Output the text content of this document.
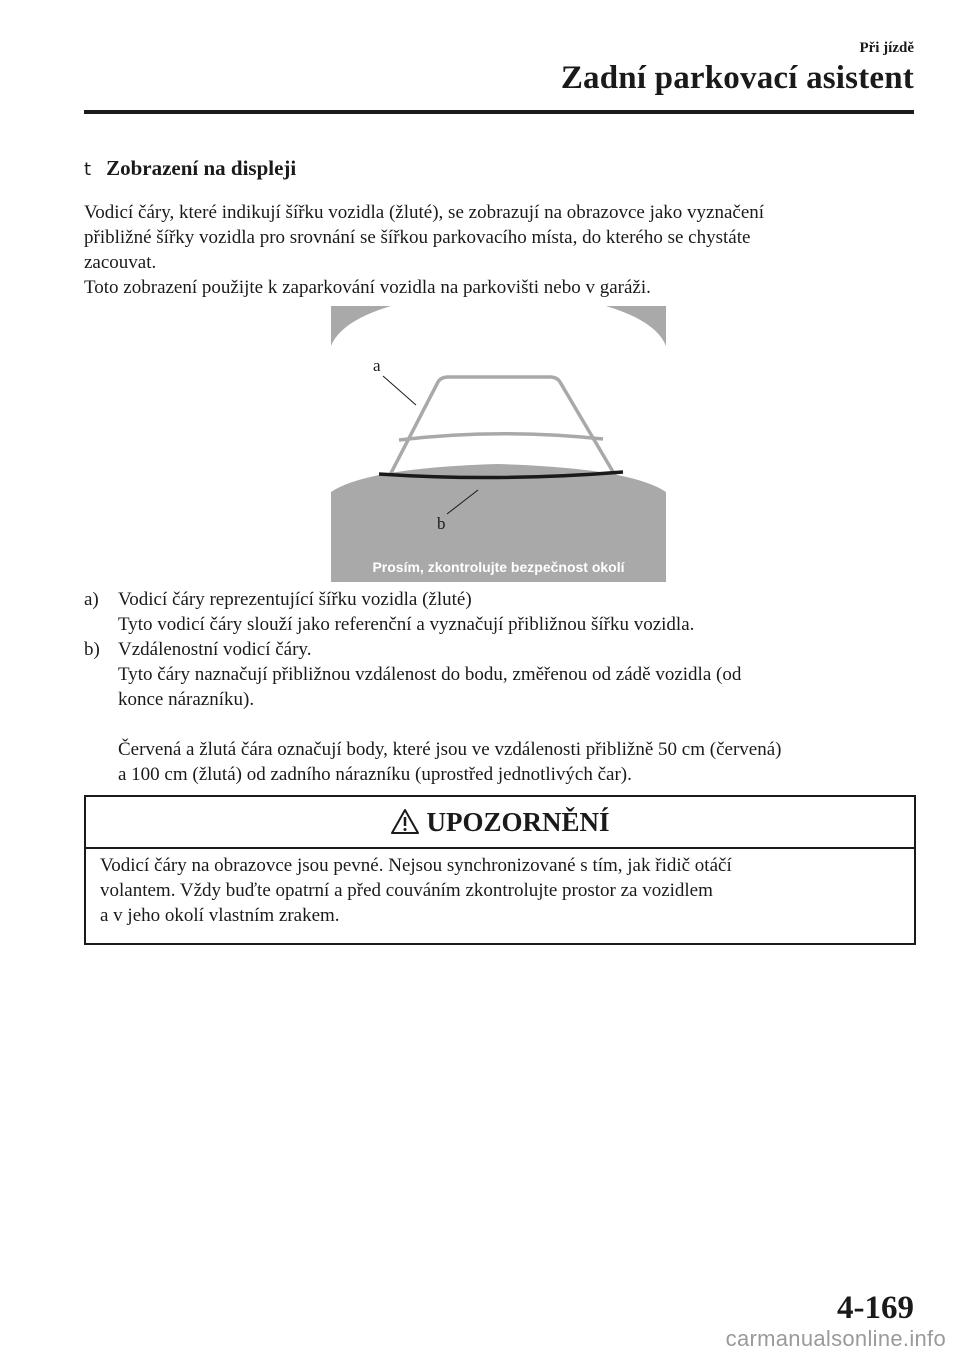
Při jízdě
Zadní parkovací asistent
t Zobrazení na displeji

Vodicí čáry, které indikují šířku vozidla (žluté), se zobrazují na obrazovce jako vyznačení

přibližné šířky vozidla pro srovnání se šířkou parkovacího místa, do kterého se chystáte

zacouvat.

Toto zobrazení použijte k zaparkování vozidla na parkovišti nebo v garáži.

a
b
Prosím, zkontrolujte bezpečnost okolí
a) Vodicí čáry reprezentující šířku vozidla (žluté)
Tyto vodicí čáry slouží jako referenční a vyznačují přibližnou šířku vozidla.
b) Vzdálenostní vodicí čáry.
Tyto čáry naznačují přibližnou vzdálenost do bodu, změřenou od zádě vozidla (od
konce nárazníku).
Červená a žlutá čára označují body, které jsou ve vzdálenosti přibližně 50 cm (červená)
a 100 cm (žlutá) od zadního nárazníku (uprostřed jednotlivých čar).
UPOZORNĚNÍ
Vodicí čáry na obrazovce jsou pevné. Nejsou synchronizované s tím, jak řidič otáčí
volantem. Vždy buďte opatrní a před couváním zkontrolujte prostor za vozidlem
a v jeho okolí vlastním zrakem.
4-169
carmanualsonline.info
